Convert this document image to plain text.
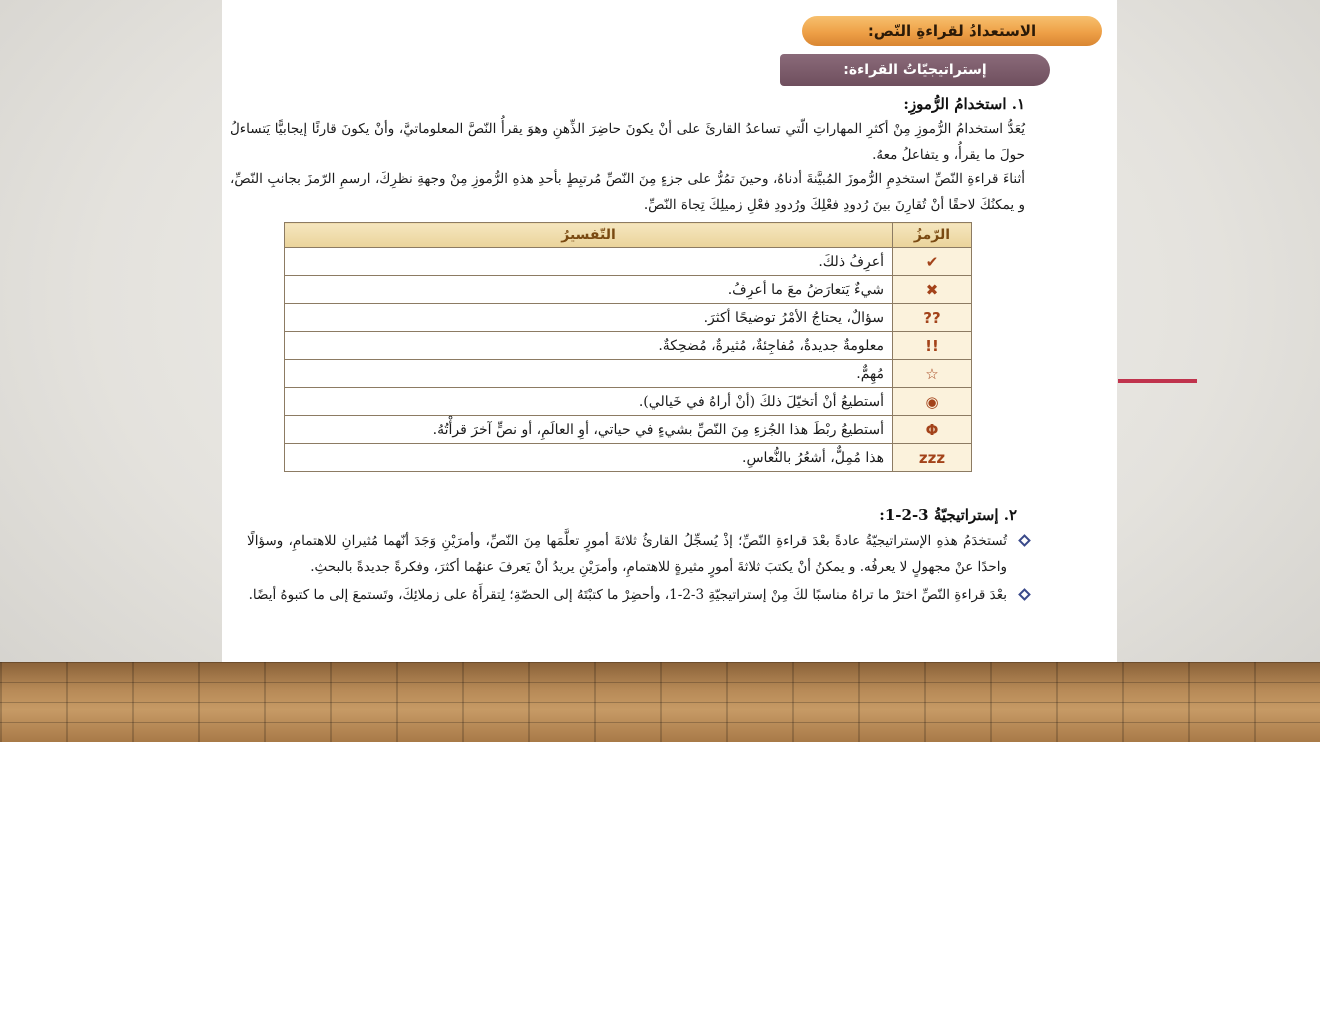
الاستعدادُ لقراءةِ النّص:
إستراتيجيّاتُ القراءة:
١. استخدامُ الرُّموزِ:
يُعَدُّ استخدامُ الرُّموزِ مِنْ أكثرِ المهاراتِ الّتي تساعدُ القارئَ على أنْ يكونَ حاضِرَ الذِّهنِ وهوَ يقرأُ النّصَّ المعلوماتيَّ، وأنْ يكونَ قارئًا إيجابيًّا يَتساءلُ حولَ ما يقرأُ، و يتفاعلُ معهُ.
أثناءَ قراءةِ النّصِّ استخدِمِ الرُّموزَ المُبيَّنةَ أدناهُ، وحينَ تمُرُّ على جزءٍ مِنَ النّصِّ مُرتبِطٍ بأحدِ هذهِ الرُّموزِ مِنْ وجهةِ نظرِكَ، ارسمِ الرّمزَ بجانبِ النّصِّ، و يمكنُكَ لاحقًا أنْ تُقارِنَ بينَ رُدودِ فعْلِكَ ورُدودِ فعْلِ زميلِكَ تِجاهَ النّصِّ.
الرّمزُ	التّفسيرُ
✔	أعرِفُ ذلكَ.
✖	شيءٌ يَتعارَضُ معَ ما أعرِفُ.
??	سؤالٌ، يحتاجُ الأمْرُ توضيحًا أكثرَ.
!!	معلومةٌ جديدةٌ، مُفاجِئةٌ، مُثيرةٌ، مُضحِكةٌ.
☆	مُهِمٌّ.
◉	أستطيعُ أنْ أتخيّلَ ذلكَ (أنْ أراهُ في خَيالي).
Φ	أستطيعُ ربْطَ هذا الجُزءِ مِنَ النّصِّ بشيءٍ في حياتي، أوِ العالَمِ، أو نصٍّ آخرَ قرأْتُهُ.
zzz	هذا مُمِلٌّ، أشعُرُ بالنُّعاسِ.
٢. إستراتيجيّةُ 3-2-1:
تُستخدَمُ هذهِ الإستراتيجيّةُ عادةً بعْدَ قراءةِ النّصِّ؛ إذْ يُسجِّلُ القارئُ ثلاثةَ أمورٍ تعلَّمَها مِنَ النّصِّ، وأمرَيْنِ وَجَدَ أنّهما مُثيرانِ للاهتمامِ، وسؤالًا واحدًا عنْ مجهولٍ لا يعرفُه. و يمكنُ أنْ يكتبَ ثلاثةَ أمورٍ مثيرةٍ للاهتمامِ، وأمرَيْنِ يريدُ أنْ يَعرفَ عنهُما أكثرَ، وفكرةً جديدةً بالبحثِ.
بعْدَ قراءةِ النّصِّ اخترْ ما تراهُ مناسبًا لكَ مِنْ إستراتيجيّةِ 3-2-1، وأحضِرْ ما كتبْتَهُ إلى الحصّةِ؛ لِتقرأَهُ على زملائِكَ، وتَستمعَ إلى ما كتبوهُ أيضًا.
